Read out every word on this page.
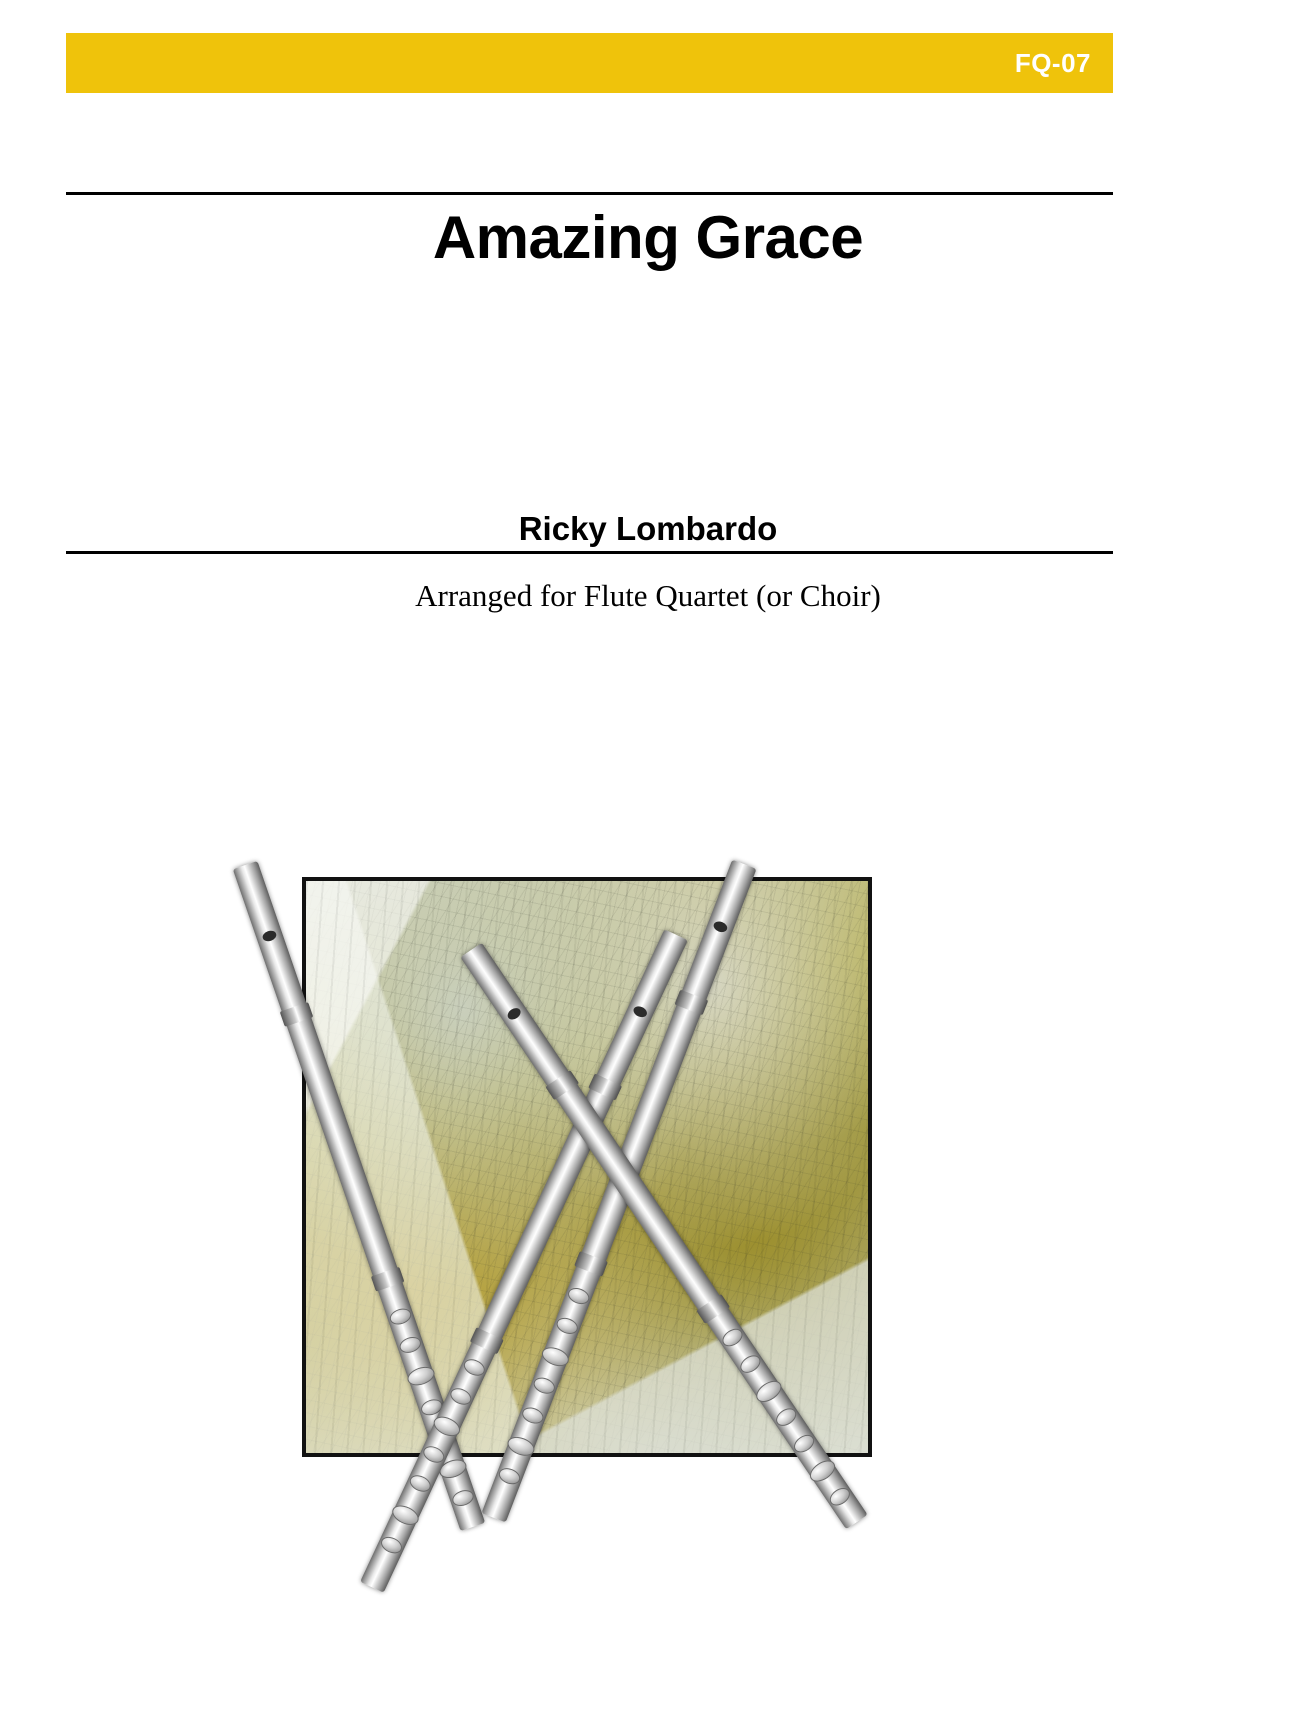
FQ-07
Amazing Grace
Ricky Lombardo
Arranged for Flute Quartet (or Choir)
